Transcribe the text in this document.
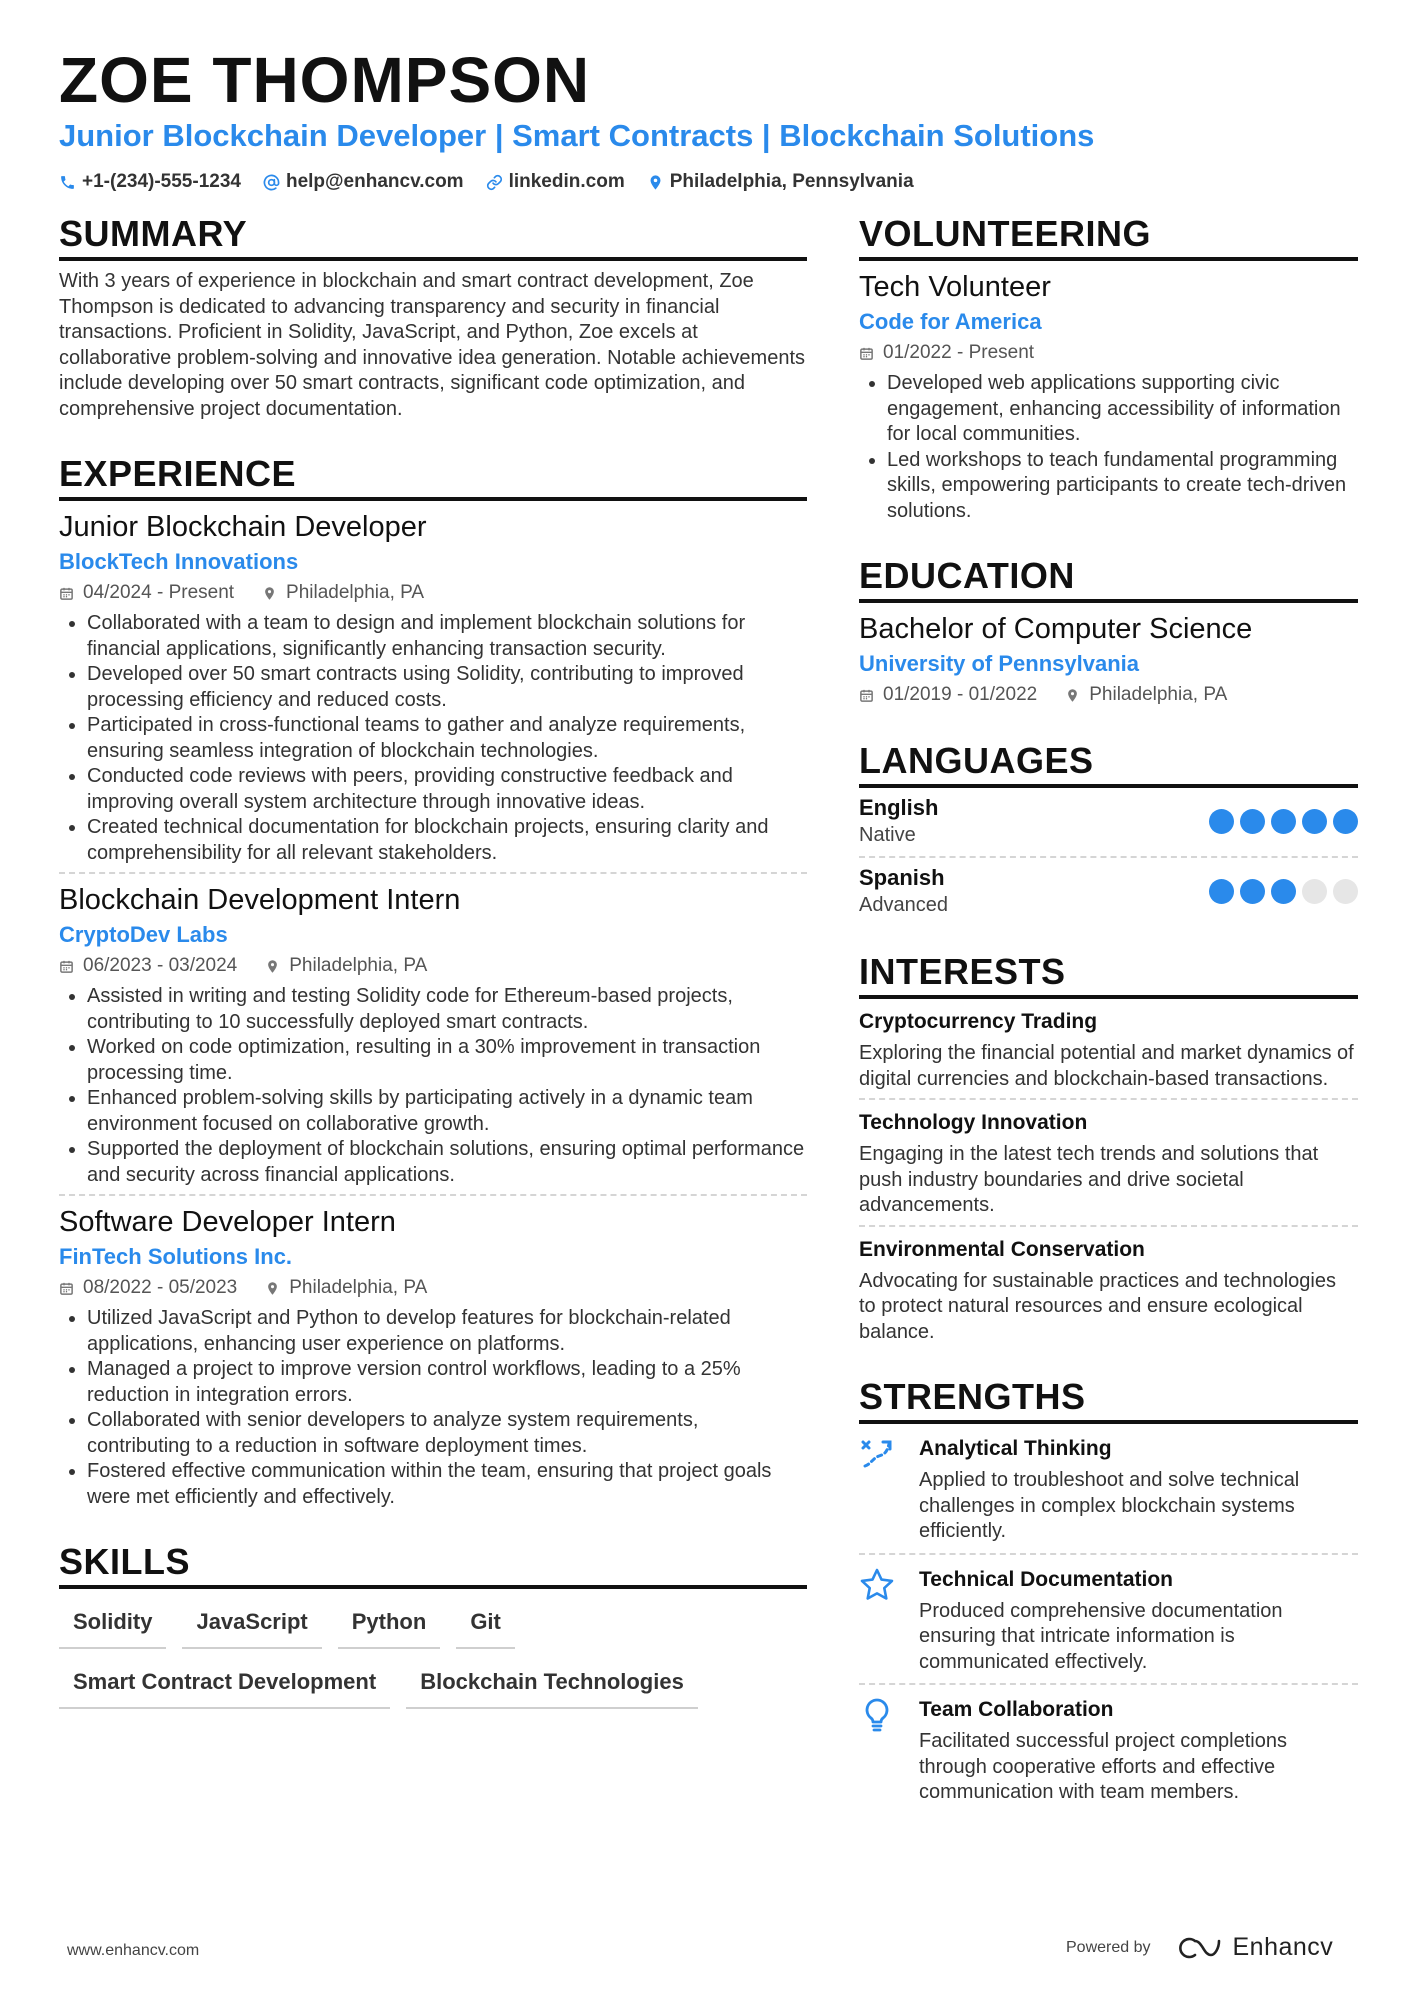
ZOE THOMPSON
Junior Blockchain Developer | Smart Contracts | Blockchain Solutions
+1-(234)-555-1234 help@enhancv.com linkedin.com Philadelphia, Pennsylvania
SUMMARY

With 3 years of experience in blockchain and smart contract development, Zoe Thompson is dedicated to advancing transparency and security in financial transactions. Proficient in Solidity, JavaScript, and Python, Zoe excels at collaborative problem-solving and innovative idea generation. Notable achievements include developing over 50 smart contracts, significant code optimization, and comprehensive project documentation.

EXPERIENCE
Junior Blockchain Developer
BlockTech Innovations
04/2024 - Present	Philadelphia, PA
• Collaborated with a team to design and implement blockchain solutions for financial applications, significantly enhancing transaction security.
• Developed over 50 smart contracts using Solidity, contributing to improved processing efficiency and reduced costs.
• Participated in cross-functional teams to gather and analyze requirements, ensuring seamless integration of blockchain technologies.
• Conducted code reviews with peers, providing constructive feedback and improving overall system architecture through innovative ideas.
• Created technical documentation for blockchain projects, ensuring clarity and comprehensibility for all relevant stakeholders.
Blockchain Development Intern
CryptoDev Labs
06/2023 - 03/2024	Philadelphia, PA
• Assisted in writing and testing Solidity code for Ethereum-based projects, contributing to 10 successfully deployed smart contracts.
• Worked on code optimization, resulting in a 30% improvement in transaction processing time.
• Enhanced problem-solving skills by participating actively in a dynamic team environment focused on collaborative growth.
• Supported the deployment of blockchain solutions, ensuring optimal performance and security across financial applications.
Software Developer Intern
FinTech Solutions Inc.
08/2022 - 05/2023	Philadelphia, PA
• Utilized JavaScript and Python to develop features for blockchain-related applications, enhancing user experience on platforms.
• Managed a project to improve version control workflows, leading to a 25% reduction in integration errors.
• Collaborated with senior developers to analyze system requirements, contributing to a reduction in software deployment times.
• Fostered effective communication within the team, ensuring that project goals were met efficiently and effectively.
SKILLS
Solidity	JavaScript	Python	Git
Smart Contract Development	Blockchain Technologies
VOLUNTEERING
Tech Volunteer
Code for America
01/2022 - Present
• Developed web applications supporting civic engagement, enhancing accessibility of information for local communities.
• Led workshops to teach fundamental programming skills, empowering participants to create tech-driven solutions.
EDUCATION
Bachelor of Computer Science
University of Pennsylvania
01/2019 - 01/2022	Philadelphia, PA
LANGUAGES
English
Native
Spanish
Advanced
INTERESTS
Cryptocurrency Trading
Exploring the financial potential and market dynamics of digital currencies and blockchain-based transactions.
Technology Innovation
Engaging in the latest tech trends and solutions that push industry boundaries and drive societal advancements.
Environmental Conservation
Advocating for sustainable practices and technologies to protect natural resources and ensure ecological balance.
STRENGTHS
Analytical Thinking
Applied to troubleshoot and solve technical challenges in complex blockchain systems efficiently.
Technical Documentation
Produced comprehensive documentation ensuring that intricate information is communicated effectively.
Team Collaboration
Facilitated successful project completions through cooperative efforts and effective communication with team members.
www.enhancv.com	Powered by	Enhancv
